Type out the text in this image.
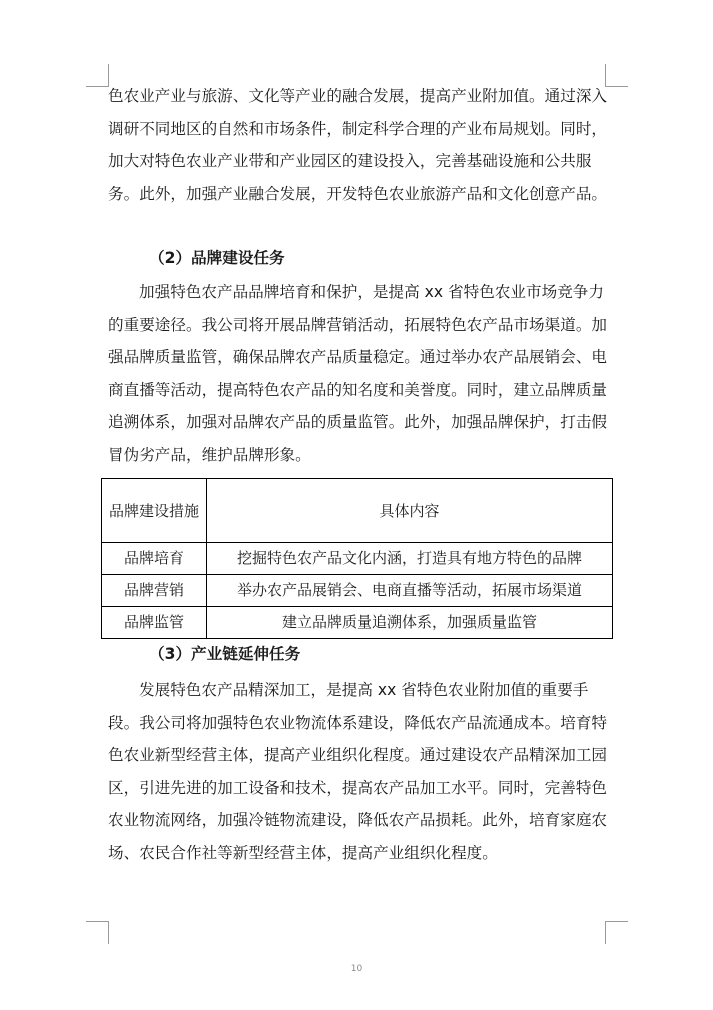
色农业产业与旅游、文化等产业的融合发展，提高产业附加值。通过深入调研不同地区的自然和市场条件，制定科学合理的产业布局规划。同时，加大对特色农业产业带和产业园区的建设投入，完善基础设施和公共服务。此外，加强产业融合发展，开发特色农业旅游产品和文化创意产品。

（2）品牌建设任务

加强特色农产品品牌培育和保护，是提高 xx 省特色农业市场竞争力的重要途径。我公司将开展品牌营销活动，拓展特色农产品市场渠道。加强品牌质量监管，确保品牌农产品质量稳定。通过举办农产品展销会、电商直播等活动，提高特色农产品的知名度和美誉度。同时，建立品牌质量追溯体系，加强对品牌农产品的质量监管。此外，加强品牌保护，打击假冒伪劣产品，维护品牌形象。

品牌建设措施	具体内容
品牌培育	挖掘特色农产品文化内涵，打造具有地方特色的品牌
品牌营销	举办农产品展销会、电商直播等活动，拓展市场渠道
品牌监管	建立品牌质量追溯体系，加强质量监管

（3）产业链延伸任务

发展特色农产品精深加工，是提高 xx 省特色农业附加值的重要手段。我公司将加强特色农业物流体系建设，降低农产品流通成本。培育特色农业新型经营主体，提高产业组织化程度。通过建设农产品精深加工园区，引进先进的加工设备和技术，提高农产品加工水平。同时，完善特色农业物流网络，加强冷链物流建设，降低农产品损耗。此外，培育家庭农场、农民合作社等新型经营主体，提高产业组织化程度。

10
